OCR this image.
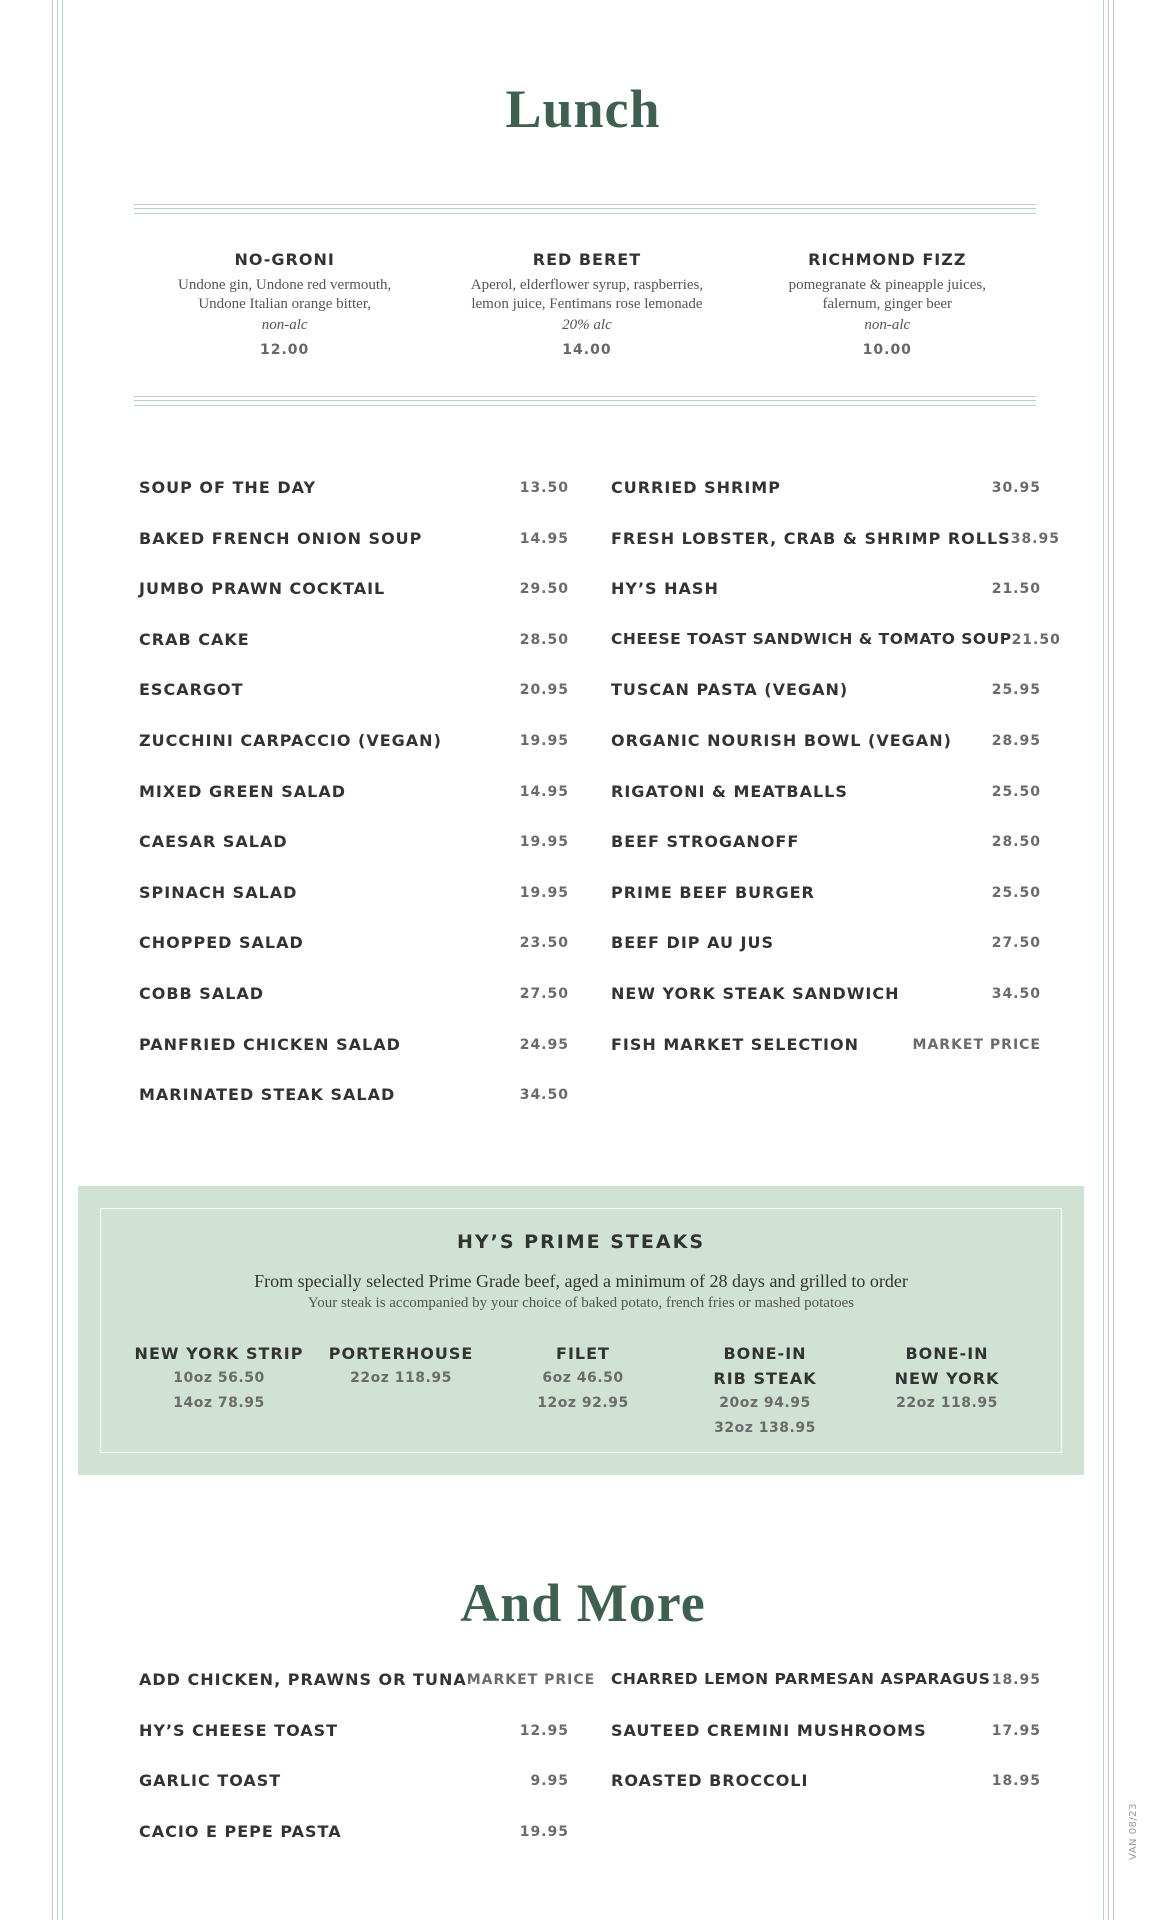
Lunch
NO-GRONI
Undone gin, Undone red vermouth,
Undone Italian orange bitter,
non-alc
12.00
RED BERET
Aperol, elderflower syrup, raspberries,
lemon juice, Fentimans rose lemonade
20% alc
14.00
RICHMOND FIZZ
pomegranate & pineapple juices,
falernum, ginger beer
non-alc
10.00
SOUP OF THE DAY	13.50
BAKED FRENCH ONION SOUP	14.95
JUMBO PRAWN COCKTAIL	29.50
CRAB CAKE	28.50
ESCARGOT	20.95
ZUCCHINI CARPACCIO (VEGAN)	19.95
MIXED GREEN SALAD	14.95
CAESAR SALAD	19.95
SPINACH SALAD	19.95
CHOPPED SALAD	23.50
COBB SALAD	27.50
PANFRIED CHICKEN SALAD	24.95
MARINATED STEAK SALAD	34.50
CURRIED SHRIMP	30.95
FRESH LOBSTER, CRAB & SHRIMP ROLLS 38.95
HY’S HASH	21.50
CHEESE TOAST SANDWICH & TOMATO SOUP 21.50
TUSCAN PASTA (VEGAN)	25.95
ORGANIC NOURISH BOWL (VEGAN)	28.95
RIGATONI & MEATBALLS	25.50
BEEF STROGANOFF	28.50
PRIME BEEF BURGER	25.50
BEEF DIP AU JUS	27.50
NEW YORK STEAK SANDWICH	34.50
FISH MARKET SELECTION	MARKET PRICE
HY’S PRIME STEAKS
From specially selected Prime Grade beef, aged a minimum of 28 days and grilled to order
Your steak is accompanied by your choice of baked potato, french fries or mashed potatoes
NEW YORK STRIP
10oz 56.50
14oz 78.95
PORTERHOUSE
22oz 118.95
FILET
6oz 46.50
12oz 92.95
BONE-IN
RIB STEAK
20oz 94.95
32oz 138.95
BONE-IN
NEW YORK
22oz 118.95
And More
ADD CHICKEN, PRAWNS OR TUNA MARKET PRICE
HY’S CHEESE TOAST	12.95
GARLIC TOAST	9.95
CACIO E PEPE PASTA	19.95
CHARRED LEMON PARMESAN ASPARAGUS 18.95
SAUTEED CREMINI MUSHROOMS	17.95
ROASTED BROCCOLI	18.95
VAN 08/23
